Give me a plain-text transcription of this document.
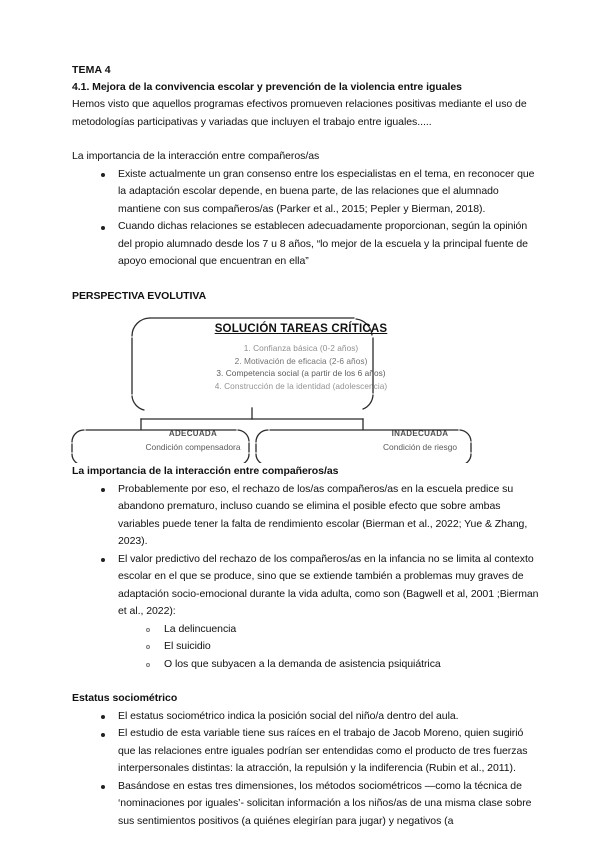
TEMA 4
4.1. Mejora de la convivencia escolar y prevención de la violencia entre iguales

Hemos visto que aquellos programas efectivos promueven relaciones positivas mediante el uso de metodologías participativas y variadas que incluyen el trabajo entre iguales.....

La importancia de la interacción entre compañeros/as
Existe actualmente un gran consenso entre los especialistas en el tema, en reconocer que la adaptación escolar depende, en buena parte, de las relaciones que el alumnado mantiene con sus compañeros/as (Parker et al., 2015; Pepler y Bierman, 2018).
Cuando dichas relaciones se establecen adecuadamente proporcionan, según la opinión del propio alumnado desde los 7 u 8 años, “lo mejor de la escuela y la principal fuente de apoyo emocional que encuentran en ella”
PERSPECTIVA EVOLUTIVA
SOLUCIÓN TAREAS CRÍTICAS
1. Confianza básica (0-2 años)
2. Motivación de eficacia (2-6 años)
3. Competencia social (a partir de los 6 años)
4. Construcción de la identidad (adolescencia)
ADECUADA
Condición compensadora
INADECUADA
Condición de riesgo
La importancia de la interacción entre compañeros/as
Probablemente por eso, el rechazo de los/as compañeros/as en la escuela predice su abandono prematuro, incluso cuando se elimina el posible efecto que sobre ambas variables puede tener la falta de rendimiento escolar (Bierman et al., 2022; Yue & Zhang, 2023).
El valor predictivo del rechazo de los compañeros/as en la infancia no se limita al contexto escolar en el que se produce, sino que se extiende también a problemas muy graves de adaptación socio-emocional durante la vida adulta, como son (Bagwell et al, 2001 ;Bierman et al., 2022):
La delincuencia
El suicidio
O los que subyacen a la demanda de asistencia psiquiátrica
Estatus sociométrico
El estatus sociométrico indica la posición social del niño/a dentro del aula.
El estudio de esta variable tiene sus raíces en el trabajo de Jacob Moreno, quien sugirió que las relaciones entre iguales podrían ser entendidas como el producto de tres fuerzas interpersonales distintas: la atracción, la repulsión y la indiferencia (Rubin et al., 2011).
Basándose en estas tres dimensiones, los métodos sociométricos —como la técnica de ‘nominaciones por iguales’- solicitan información a los niños/as de una misma clase sobre sus sentimientos positivos (a quiénes elegirían para jugar) y negativos (a
